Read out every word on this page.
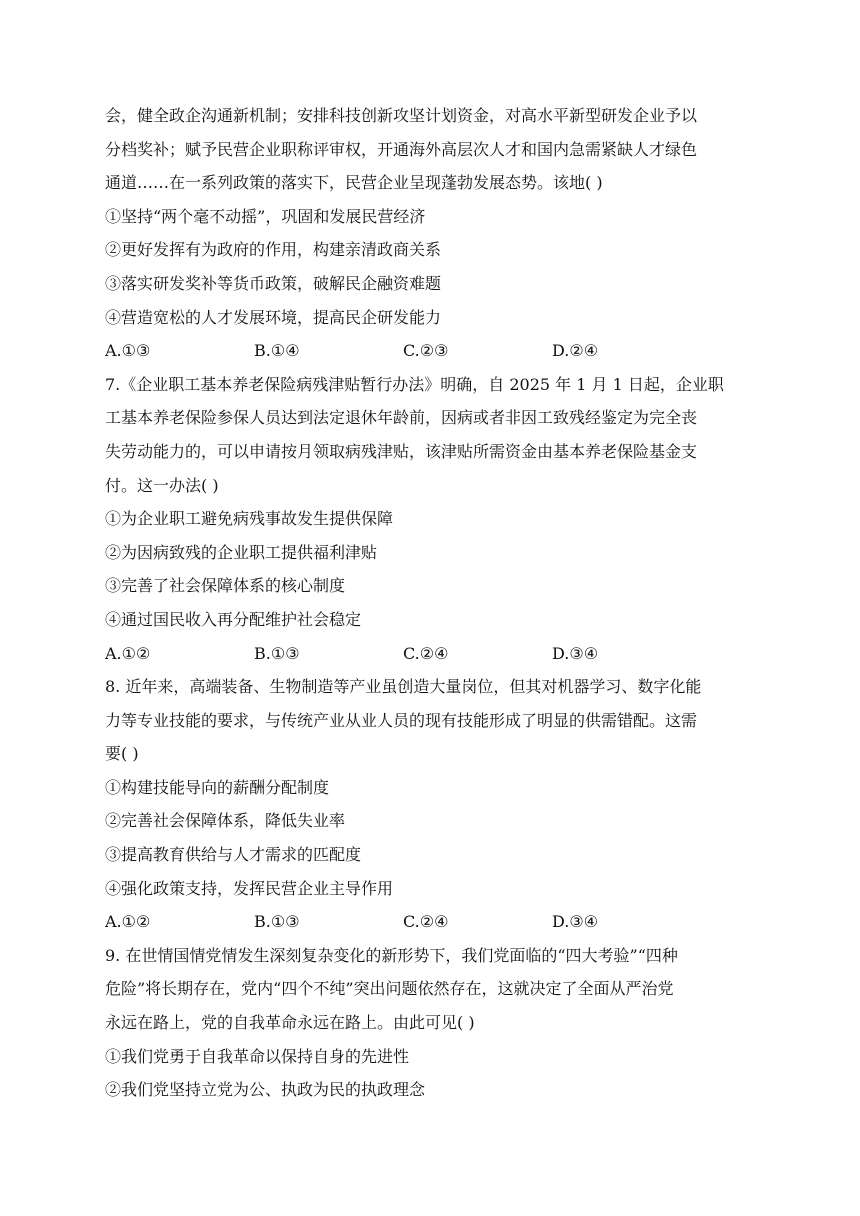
会，健全政企沟通新机制；安排科技创新攻坚计划资金，对高水平新型研发企业予以
分档奖补；赋予民营企业职称评审权，开通海外高层次人才和国内急需紧缺人才绿色
通道……在一系列政策的落实下，民营企业呈现蓬勃发展态势。该地( )
①坚持“两个毫不动摇”，巩固和发展民营经济
②更好发挥有为政府的作用，构建亲清政商关系
③落实研发奖补等货币政策，破解民企融资难题
④营造宽松的人才发展环境，提高民企研发能力
A.①③	B.①④	C.②③	D.②④
7.《企业职工基本养老保险病残津贴暂行办法》明确，自 2025 年 1 月 1 日起，企业职
工基本养老保险参保人员达到法定退休年龄前，因病或者非因工致残经鉴定为完全丧
失劳动能力的，可以申请按月领取病残津贴，该津贴所需资金由基本养老保险基金支
付。这一办法( )
①为企业职工避免病残事故发生提供保障
②为因病致残的企业职工提供福利津贴
③完善了社会保障体系的核心制度
④通过国民收入再分配维护社会稳定
A.①②	B.①③	C.②④	D.③④
8. 近年来，高端装备、生物制造等产业虽创造大量岗位，但其对机器学习、数字化能
力等专业技能的要求，与传统产业从业人员的现有技能形成了明显的供需错配。这需
要( )
①构建技能导向的薪酬分配制度
②完善社会保障体系，降低失业率
③提高教育供给与人才需求的匹配度
④强化政策支持，发挥民营企业主导作用
A.①②	B.①③	C.②④	D.③④
9. 在世情国情党情发生深刻复杂变化的新形势下，我们党面临的“四大考验”“四种
危险”将长期存在，党内“四个不纯”突出问题依然存在，这就决定了全面从严治党
永远在路上，党的自我革命永远在路上。由此可见( )
①我们党勇于自我革命以保持自身的先进性
②我们党坚持立党为公、执政为民的执政理念
